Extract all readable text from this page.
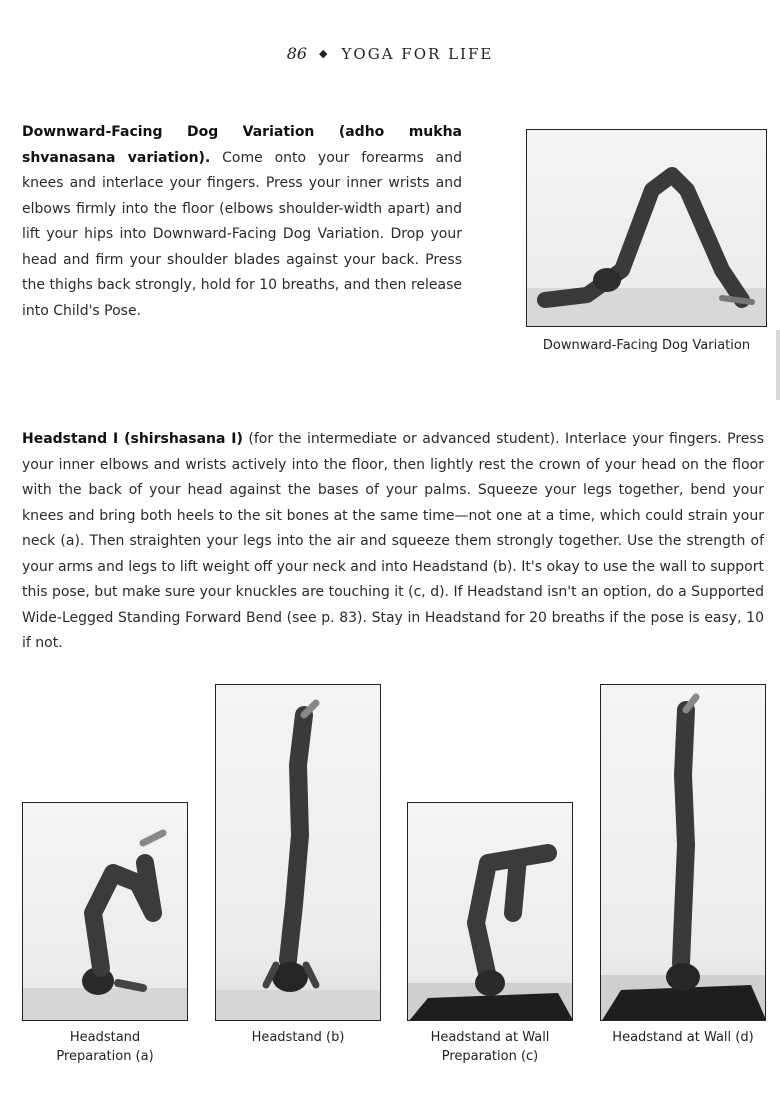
86 ◆ YOGA FOR LIFE
Downward-Facing Dog Variation (adho mukha shvanasana variation). Come onto your forearms and knees and interlace your fingers. Press your inner wrists and elbows firmly into the floor (elbows shoulder-width apart) and lift your hips into Downward-Facing Dog Variation. Drop your head and firm your shoulder blades against your back. Press the thighs back strongly, hold for 10 breaths, and then release into Child's Pose.
Downward-Facing Dog Variation
Headstand I (shirshasana I) (for the intermediate or advanced student). Interlace your fingers. Press your inner elbows and wrists actively into the floor, then lightly rest the crown of your head on the floor with the back of your head against the bases of your palms. Squeeze your legs together, bend your knees and bring both heels to the sit bones at the same time—not one at a time, which could strain your neck (a). Then straighten your legs into the air and squeeze them strongly together. Use the strength of your arms and legs to lift weight off your neck and into Headstand (b). It's okay to use the wall to support this pose, but make sure your knuckles are touching it (c, d). If Headstand isn't an option, do a Supported Wide-Legged Standing Forward Bend (see p. 83). Stay in Headstand for 20 breaths if the pose is easy, 10 if not.
Headstand
Preparation (a)
Headstand (b)	Headstand at Wall
Preparation (c)
Headstand at Wall (d)
